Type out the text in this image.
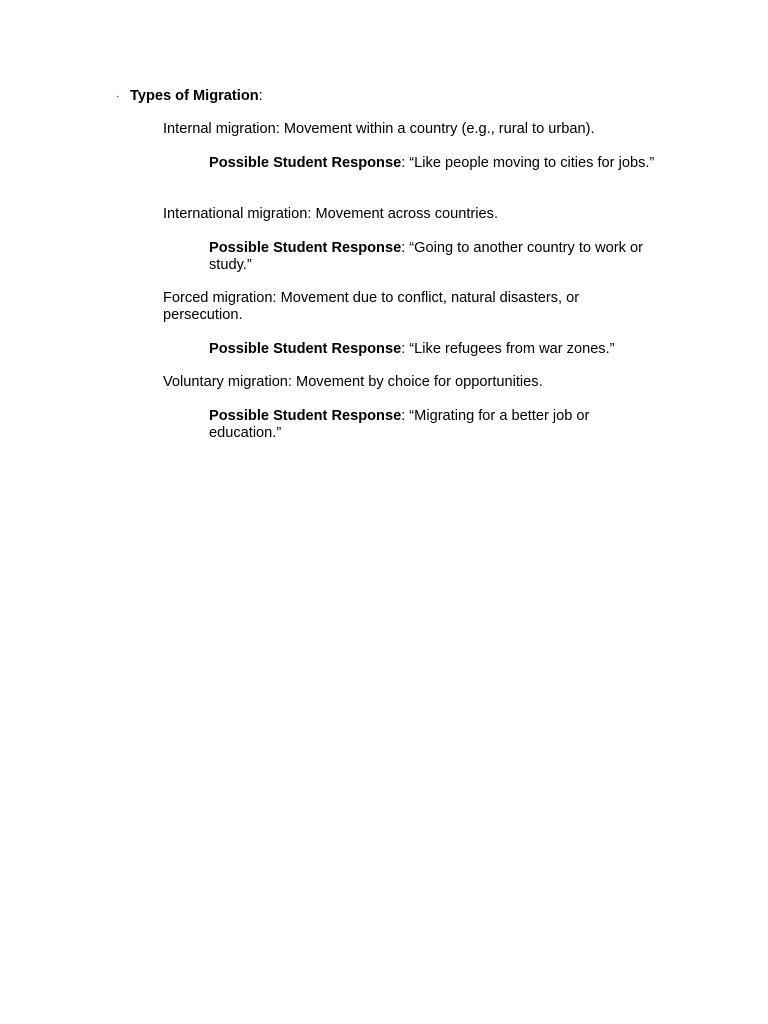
· Types of Migration:
Internal migration: Movement within a country (e.g., rural to urban).
Possible Student Response: “Like people moving to cities for jobs.”
International migration: Movement across countries.
Possible Student Response: “Going to another country to work or study.”
Forced migration: Movement due to conflict, natural disasters, or persecution.
Possible Student Response: “Like refugees from war zones.”
Voluntary migration: Movement by choice for opportunities.
Possible Student Response: “Migrating for a better job or education.”
